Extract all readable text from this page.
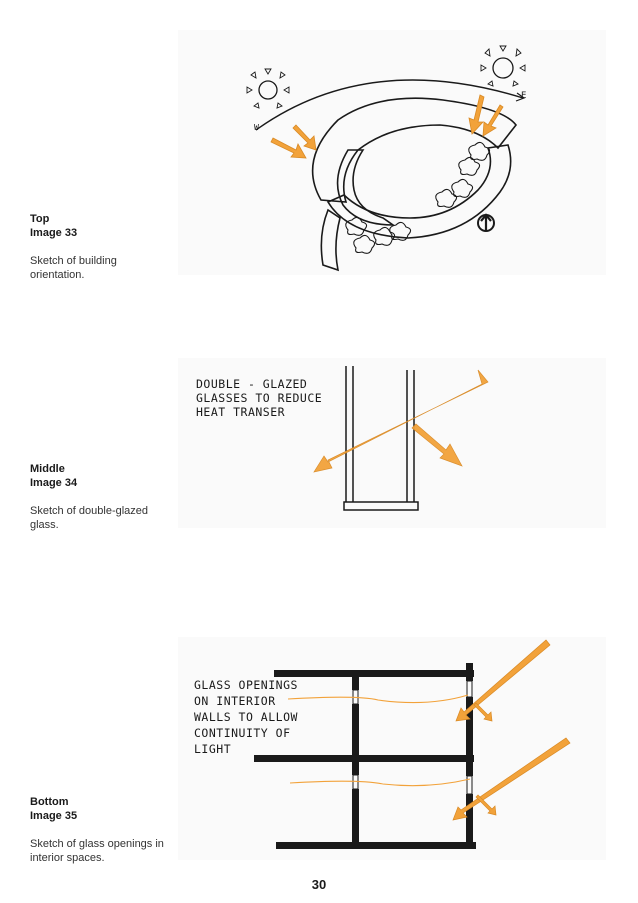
Top
Image 33
Sketch of building orientation.
Middle
Image 34
Sketch of double-glazed glass.
Bottom
Image 35
Sketch of glass openings in interior spaces.
W
E
DOUBLE - GLAZED
GLASSES TO REDUCE
HEAT TRANSER
GLASS OPENINGS
ON INTERIOR
WALLS TO ALLOW
CONTINUITY OF
LIGHT
30
